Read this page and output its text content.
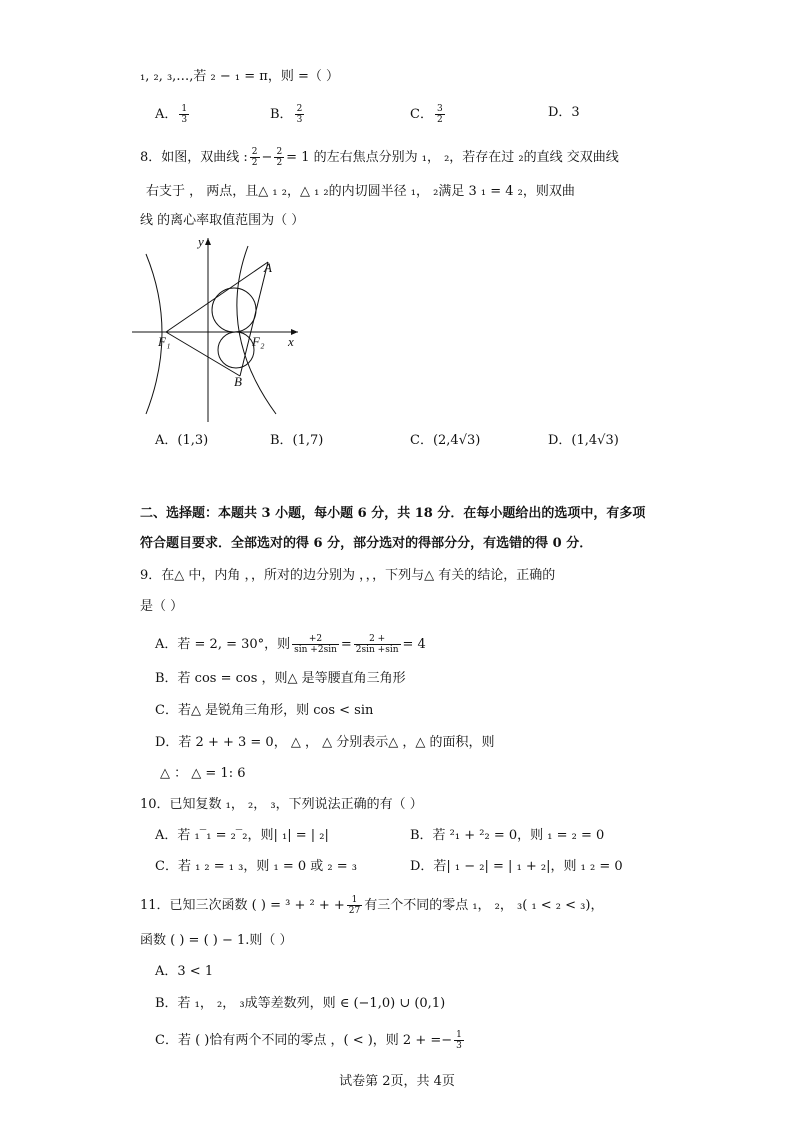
₁, ₂, ₃,…,若 ₂ − ₁ = π，则 =（ ）
A． $\frac{1}{3}$	B． $\frac{2}{3}$	C． $\frac{3}{2}$	D．3
8．如图，双曲线 : $\frac{2}{2} - \frac{2}{2} = 1$ 的左右焦点分别为 ₁， ₂，若存在过 ₂的直线 交双曲线
右支于 ， 两点，且△ ₁ ₂，△ ₁ ₂的内切圆半径 ₁， ₂满足 3 ₁ = 4 ₂，则双曲
线 的离心率取值范围为（ ）
y
x
A
B
F₁	F₂
A．(1,3)	B．(1,7)	C．(2,4√3)	D．(1,4√3)
二、选择题：本题共 3 小题，每小题 6 分，共 18 分．在每小题给出的选项中，有多项
符合题目要求．全部选对的得 6 分，部分选对的得部分分，有选错的得 0 分．
9．在△ 中，内角 ，，所对的边分别为 ，，，下列与△ 有关的结论，正确的
是（ ）
A．若 = 2, = 30°，则 $\frac{+2}{\sin +2\sin} = \frac{2 +}{2\sin +\sin} = 4$
B．若 cos = cos ，则△ 是等腰直角三角形
C．若△ 是锐角三角形，则 cos < sin
D．若 2 + + 3 = 0， △ ， △ 分别表示△ ，△ 的面积，则
△ ： △ = 1: 6
10．已知复数 ₁， ₂， ₃，下列说法正确的有（ ）
A．若 ₁‾₁ = ₂‾₂，则| ₁| = | ₂|	B．若 ²₁ + ²₂ = 0，则 ₁ = ₂ = 0
C．若 ₁ ₂ = ₁ ₃，则 ₁ = 0 或 ₂ = ₃	D．若| ₁ − ₂| = | ₁ + ₂|，则 ₁ ₂ = 0
11．已知三次函数 ( ) = ³ + ² + + $\frac{1}{27}$ 有三个不同的零点 ₁， ₂， ₃( ₁ < ₂ < ₃)，
函数 ( ) = ( ) − 1.则（ ）
A．3 < 1
B．若 ₁， ₂， ₃成等差数列，则 ∈ (−1,0) ∪ (0,1)
C．若 ( )恰有两个不同的零点 ，( < )，则 2 + =− $\frac{1}{3}$
试卷第 2页，共 4页
